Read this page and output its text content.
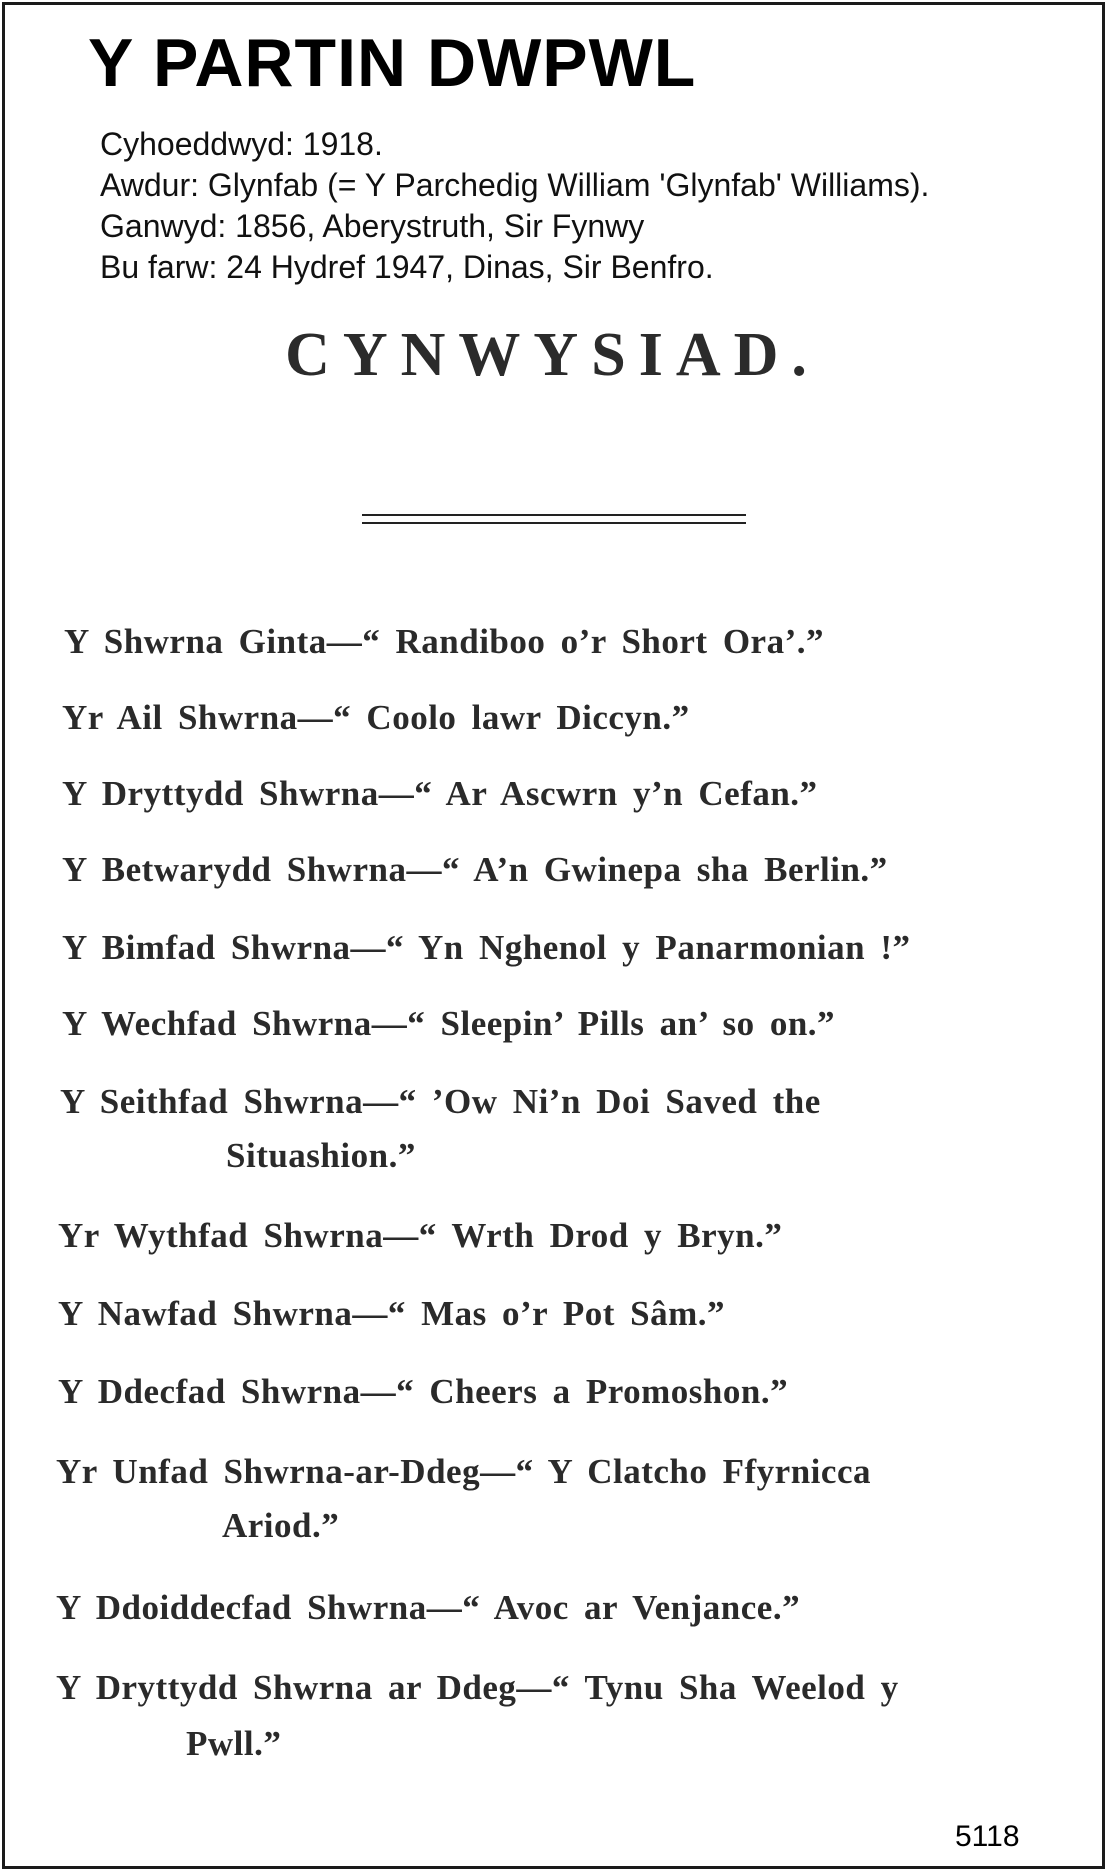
Y PARTIN DWPWL
Cyhoeddwyd: 1918.
Awdur: Glynfab (= Y Parchedig William 'Glynfab' Williams).
Ganwyd: 1856, Aberystruth, Sir Fynwy
Bu farw: 24 Hydref 1947, Dinas, Sir Benfro.
CYNWYSIAD.
Y Shwrna Ginta—“ Randiboo o’r Short Ora’.”
Yr Ail Shwrna—“ Coolo lawr Diccyn.”
Y Dryttydd Shwrna—“ Ar Ascwrn y’n Cefan.”
Y Betwarydd Shwrna—“ A’n Gwinepa sha Berlin.”
Y Bimfad Shwrna—“ Yn Nghenol y Panarmonian !”
Y Wechfad Shwrna—“ Sleepin’ Pills an’ so on.”
Y Seithfad Shwrna—“ ’Ow Ni’n Doi Saved the
Situashion.”
Yr Wythfad Shwrna—“ Wrth Drod y Bryn.”
Y Nawfad Shwrna—“ Mas o’r Pot Sâm.”
Y Ddecfad Shwrna—“ Cheers a Promoshon.”
Yr Unfad Shwrna-ar-Ddeg—“ Y Clatcho Ffyrnicca
Ariod.”
Y Ddoiddecfad Shwrna—“ Avoc ar Venjance.”
Y Dryttydd Shwrna ar Ddeg—“ Tynu Sha Weelod y
Pwll.”
5118
